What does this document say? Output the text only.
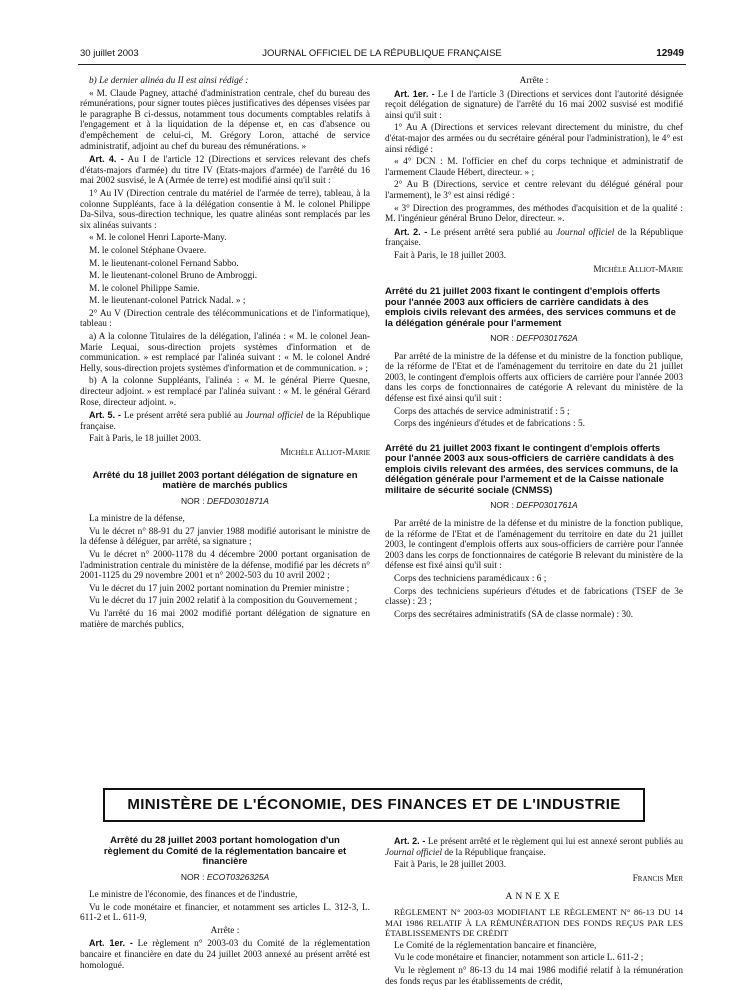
30 juillet 2003	JOURNAL OFFICIEL DE LA RÉPUBLIQUE FRANÇAISE	12949

b) Le dernier alinéa du II est ainsi rédigé :

« M. Claude Pagney, attaché d'administration centrale, chef du bureau des rémunérations, pour signer toutes pièces justificatives des dépenses visées par le paragraphe B ci-dessus, notamment tous documents comptables relatifs à l'engagement et à la liquidation de la dépense et, en cas d'absence ou d'empêchement de celui-ci, M. Grégory Loron, attaché de service administratif, adjoint au chef du bureau des rémunérations. »

Art. 4. - Au I de l'article 12 (Directions et services relevant des chefs d'états-majors d'armée) du titre IV (Etats-majors d'armée) de l'arrêté du 16 mai 2002 susvisé, le A (Armée de terre) est modifié ainsi qu'il suit :

1° Au IV (Direction centrale du matériel de l'armée de terre), tableau, à la colonne Suppléants, face à la délégation consentie à M. le colonel Philippe Da-Silva, sous-direction technique, les quatre alinéas sont remplacés par les six alinéas suivants :

« M. le colonel Henri Laporte-Many.

M. le colonel Stéphane Ovaere.

M. le lieutenant-colonel Fernand Sabbo.

M. le lieutenant-colonel Bruno de Ambroggi.

M. le colonel Philippe Samie.

M. le lieutenant-colonel Patrick Nadal. » ;

2° Au V (Direction centrale des télécommunications et de l'informatique), tableau :

a) A la colonne Titulaires de la délégation, l'alinéa : « M. le colonel Jean-Marie Lequai, sous-direction projets systèmes d'information et de communication. » est remplacé par l'alinéa suivant : « M. le colonel André Helly, sous-direction projets systèmes d'information et de communication. » ;

b) A la colonne Suppléants, l'alinéa : « M. le général Pierre Quesne, directeur adjoint. » est remplacé par l'alinéa suivant : « M. le général Gérard Rose, directeur adjoint. ».

Art. 5. - Le présent arrêté sera publié au Journal officiel de la République française.

Fait à Paris, le 18 juillet 2003.

Michèle Alliot-Marie

Arrêté du 18 juillet 2003 portant délégation de signature en matière de marchés publics
NOR : DEFD0301871A

La ministre de la défense,

Vu le décret n° 88-91 du 27 janvier 1988 modifié autorisant le ministre de la défense à déléguer, par arrêté, sa signature ;

Vu le décret n° 2000-1178 du 4 décembre 2000 portant organisation de l'administration centrale du ministère de la défense, modifié par les décrets n° 2001-1125 du 29 novembre 2001 et n° 2002-503 du 10 avril 2002 ;

Vu le décret du 17 juin 2002 portant nomination du Premier ministre ;

Vu le décret du 17 juin 2002 relatif à la composition du Gouvernement ;

Vu l'arrêté du 16 mai 2002 modifié portant délégation de signature en matière de marchés publics,

Arrête :

Art. 1er. - Le I de l'article 3 (Directions et services dont l'autorité désignée reçoit délégation de signature) de l'arrêté du 16 mai 2002 susvisé est modifié ainsi qu'il suit :

1° Au A (Directions et services relevant directement du ministre, du chef d'état-major des armées ou du secrétaire général pour l'administration), le 4° est ainsi rédigé :

« 4° DCN : M. l'officier en chef du corps technique et administratif de l'armement Claude Hébert, directeur. » ;

2° Au B (Directions, service et centre relevant du délégué général pour l'armement), le 3° est ainsi rédigé :

« 3° Direction des programmes, des méthodes d'acquisition et de la qualité : M. l'ingénieur général Bruno Delor, directeur. ».

Art. 2. - Le présent arrêté sera publié au Journal officiel de la République française.

Fait à Paris, le 18 juillet 2003.

Michèle Alliot-Marie

Arrêté du 21 juillet 2003 fixant le contingent d'emplois offerts pour l'année 2003 aux officiers de carrière candidats à des emplois civils relevant des armées, des services communs et de la délégation générale pour l'armement
NOR : DEFP0301762A

Par arrêté de la ministre de la défense et du ministre de la fonction publique, de la réforme de l'Etat et de l'aménagement du territoire en date du 21 juillet 2003, le contingent d'emplois offerts aux officiers de carrière pour l'année 2003 dans les corps de fonctionnaires de catégorie A relevant du ministère de la défense est fixé ainsi qu'il suit :

Corps des attachés de service administratif : 5 ;

Corps des ingénieurs d'études et de fabrications : 5.

Arrêté du 21 juillet 2003 fixant le contingent d'emplois offerts pour l'année 2003 aux sous-officiers de carrière candidats à des emplois civils relevant des armées, des services communs, de la délégation générale pour l'armement et de la Caisse nationale militaire de sécurité sociale (CNMSS)
NOR : DEFP0301761A

Par arrêté de la ministre de la défense et du ministre de la fonction publique, de la réforme de l'Etat et de l'aménagement du territoire en date du 21 juillet 2003, le contingent d'emplois offerts aux sous-officiers de carrière pour l'année 2003 dans les corps de fonctionnaires de catégorie B relevant du ministère de la défense est fixé ainsi qu'il suit :

Corps des techniciens paramédicaux : 6 ;

Corps des techniciens supérieurs d'études et de fabrications (TSEF de 3e classe) : 23 ;

Corps des secrétaires administratifs (SA de classe normale) : 30.

MINISTÈRE DE L'ÉCONOMIE, DES FINANCES ET DE L'INDUSTRIE
Arrêté du 28 juillet 2003 portant homologation d'un règlement du Comité de la réglementation bancaire et financière
NOR : ECOT0326325A

Le ministre de l'économie, des finances et de l'industrie,

Vu le code monétaire et financier, et notamment ses articles L. 312-3, L. 611-2 et L. 611-9,

Arrête :

Art. 1er. - Le règlement n° 2003-03 du Comité de la réglementation bancaire et financière en date du 24 juillet 2003 annexé au présent arrêté est homologué.

Art. 2. - Le présent arrêté et le règlement qui lui est annexé seront publiés au Journal officiel de la République française.

Fait à Paris, le 28 juillet 2003.

Francis Mer

ANNEXE

RÈGLEMENT N° 2003-03 MODIFIANT LE RÈGLEMENT N° 86-13 DU 14 MAI 1986 RELATIF À LA RÉMUNÉRATION DES FONDS REÇUS PAR LES ÉTABLISSEMENTS DE CRÉDIT

Le Comité de la réglementation bancaire et financière,

Vu le code monétaire et financier, notamment son article L. 611-2 ;

Vu le règlement n° 86-13 du 14 mai 1986 modifié relatif à la rémunération des fonds reçus par les établissements de crédit,
